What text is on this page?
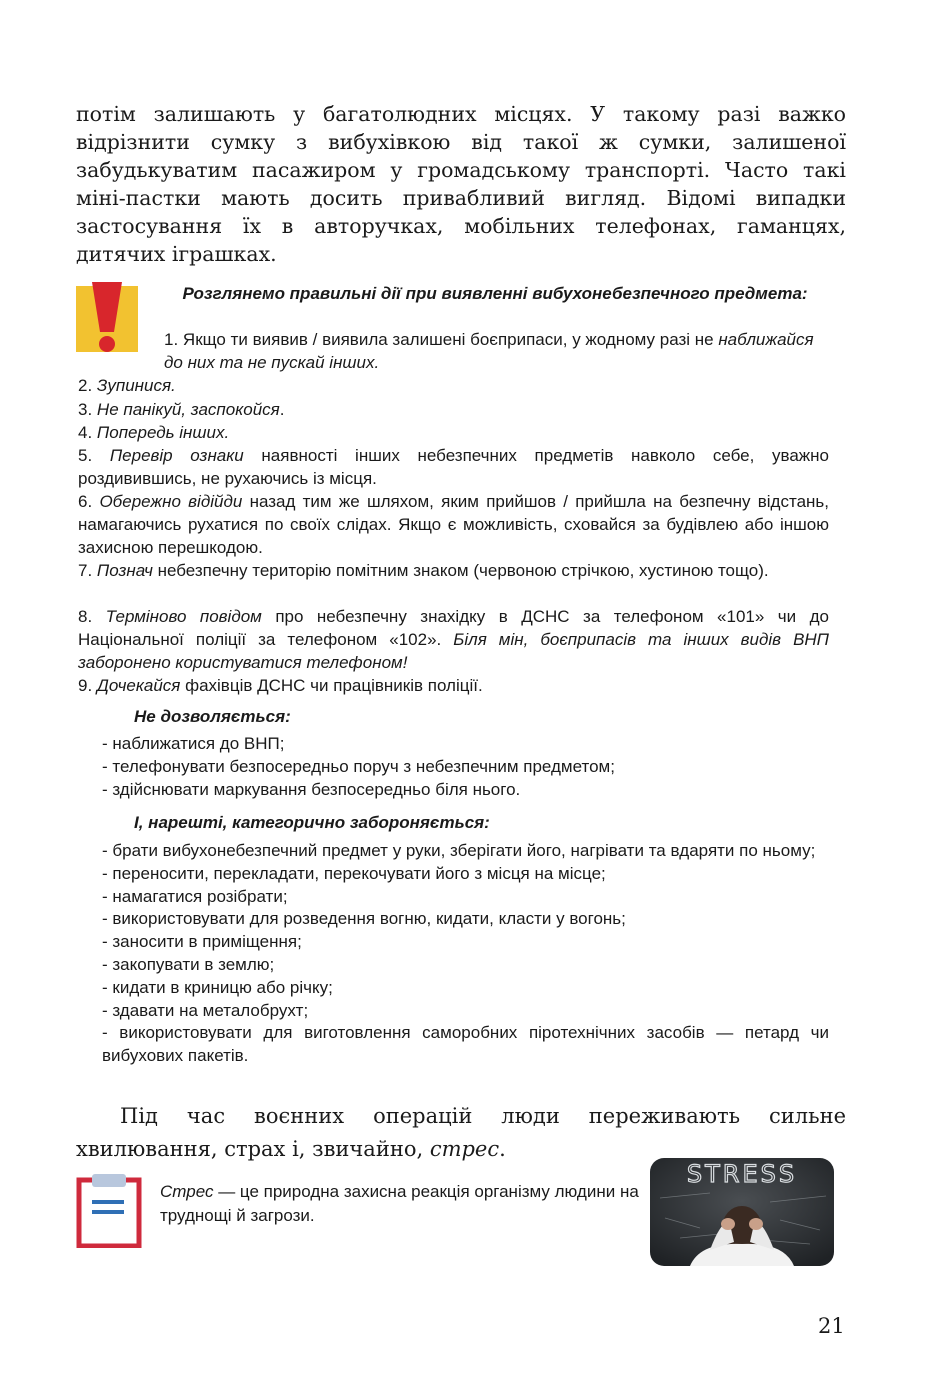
потім залишають у багатолюдних місцях. У такому разі важко відрізнити сумку з вибухівкою від такої ж сумки, залишеної забудькуватим пасажиром у громадському транспорті. Часто такі міні-пастки мають досить привабливий вигляд. Відомі випадки застосування їх в авторучках, мобільних телефонах, гаманцях, дитячих іграшках.

Розглянемо правильні дії при виявленні вибухонебезпечного предмета:

1. Якщо ти виявив / виявила залишені боєприпаси, у жодному разі не наближайся до них та не пускай інших.

2. Зупинися.

3. Не панікуй, заспокойся.

4. Попередь інших.

5. Перевір ознаки наявності інших небезпечних предметів навколо себе, уважно роздивившись, не рухаючись із місця.

6. Обережно відійди назад тим же шляхом, яким прийшов / прийшла на безпечну відстань, намагаючись рухатися по своїх слідах. Якщо є можливість, сховайся за будівлею або іншою захисною перешкодою.

7. Познач небезпечну територію помітним знаком (червоною стрічкою, хустиною тощо).

8. Терміново повідом про небезпечну знахідку в ДСНС за телефоном «101» чи до Національної поліції за телефоном «102». Біля мін, боєприпасів та інших видів ВНП заборонено користуватися телефоном!

9. Дочекайся фахівців ДСНС чи працівників поліції.

Не дозволяється:

- наближатися до ВНП;
- телефонувати безпосередньо поруч з небезпечним предметом;
- здійснювати маркування безпосередньо біля нього.

І, нарешті, категорично забороняється:

- брати вибухонебезпечний предмет у руки, зберігати його, нагрівати та вдаряти по ньому;
- переносити, перекладати, перекочувати його з місця на місце;
- намагатися розібрати;
- використовувати для розведення вогню, кидати, класти у вогонь;
- заносити в приміщення;
- закопувати в землю;
- кидати в криницю або річку;
- здавати на металобрухт;
- використовувати для виготовлення саморобних піротехнічних засобів — петард чи вибухових пакетів.

Під час воєнних операцій люди переживають сильне хвилювання, страх і, звичайно, стрес.

Стрес — це природна захисна реакція організму людини на труднощі й загрози.

STRESS

21
